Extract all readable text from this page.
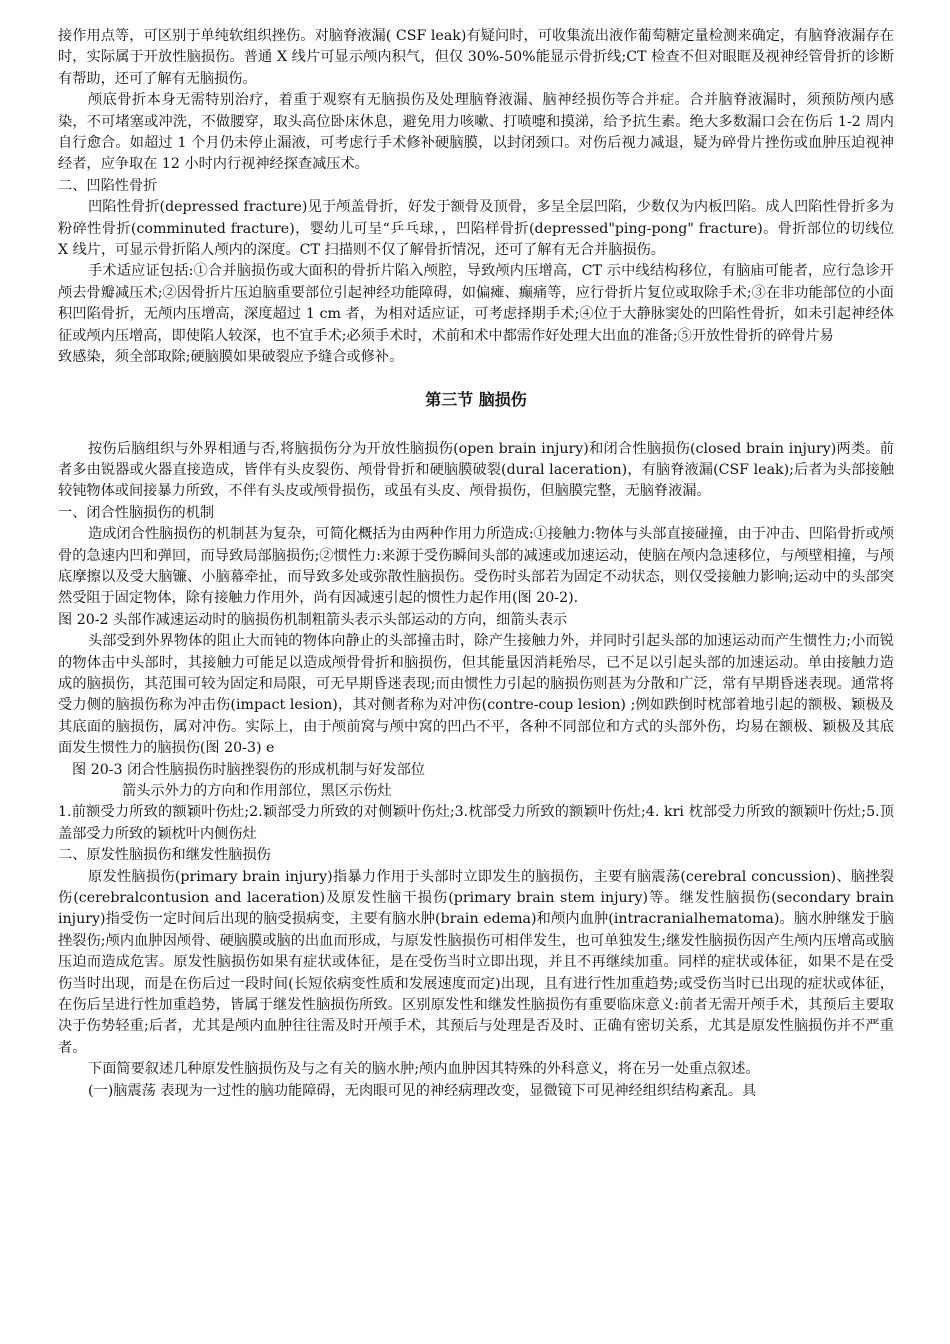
接作用点等，可区别于单纯软组织挫伤。对脑脊液漏( CSF leak)有疑问时，可收集流出液作葡萄糖定量检测来确定，有脑脊液漏存在时，实际属于开放性脑损伤。普通 X 线片可显示颅内积气，但仅 30%-50%能显示骨折线;CT 检查不但对眼眶及视神经管骨折的诊断有帮助，还可了解有无脑损伤。

颅底骨折本身无需特别治疗，着重于观察有无脑损伤及处理脑脊液漏、脑神经损伤等合并症。合并脑脊液漏时，须预防颅内感染，不可堵塞或冲洗，不做腰穿，取头高位卧床休息，避免用力咳嗽、打喷嚏和摸涕，给予抗生素。绝大多数漏口会在伤后 1-2 周内自行愈合。如超过 1 个月仍未停止漏液，可考虑行手术修补硬脑膜，以封闭颈口。对伤后视力减退，疑为碎骨片挫伤或血肿压迫视神经者，应争取在 12 小时内行视神经探查减压术。

二、凹陷性骨折

凹陷性骨折(depressed fracture)见于颅盖骨折，好发于额骨及顶骨，多呈全层凹陷，少数仅为内板凹陷。成人凹陷性骨折多为粉碎性骨折(comminuted fracture)，婴幼儿可呈“乒乓球，，凹陷样骨折(depressed"ping-pong" fracture)。骨折部位的切线位 X 线片，可显示骨折陷人颅内的深度。CT 扫描则不仅了解骨折情况，还可了解有无合并脑损伤。

手术适应证包括:①合并脑损伤或大面积的骨折片陷入颅腔，导致颅内压增高，CT 示中线结构移位，有脑庙可能者，应行急诊开颅去骨瓣减压术;②因骨折片压迫脑重要部位引起神经功能障碍，如偏瘫、癫痛等，应行骨折片复位或取除手术;③在非功能部位的小面积凹陷骨折，无颅内压增高，深度超过 1 cm 者，为相对适应证，可考虑择期手术;④位于大静脉窦处的凹陷性骨折，如未引起神经体征或颅内压增高，即使陷人较深，也不宜手术;必须手术时，术前和术中都需作好处理大出血的准备;⑤开放性骨折的碎骨片易

致感染，须全部取除;硬脑膜如果破裂应予缝合或修补。

第三节 脑损伤

按伤后脑组织与外界相通与否,将脑损伤分为开放性脑损伤(open brain injury)和闭合性脑损伤(closed brain injury)两类。前者多由锐器或火器直接造成，皆伴有头皮裂伤、颅骨骨折和硬脑膜破裂(dural laceration)，有脑脊液漏(CSF leak);后者为头部接触较钝物体或间接暴力所致，不伴有头皮或颅骨损伤，或虽有头皮、颅骨损伤，但脑膜完整，无脑脊液漏。

一、闭合性脑损伤的机制

造成闭合性脑损伤的机制甚为复杂，可简化概括为由两种作用力所造成:①接触力:物体与头部直接碰撞，由于冲击、凹陷骨折或颅骨的急速内凹和弹回，而导致局部脑损伤;②惯性力:来源于受伤瞬间头部的减速或加速运动，使脑在颅内急速移位，与颅壁相撞，与颅底摩擦以及受大脑镰、小脑幕牵扯，而导致多处或弥散性脑损伤。受伤时头部若为固定不动状态，则仅受接触力影响;运动中的头部突然受阻于固定物体，除有接触力作用外，尚有因减速引起的惯性力起作用(图 20-2).

图 20-2 头部作减速运动时的脑损伤机制粗箭头表示头部运动的方向，细箭头表示

头部受到外界物体的阻止大而钝的物体向静止的头部撞击时，除产生接触力外，并同时引起头部的加速运动而产生惯性力;小而锐的物体击中头部时，其接触力可能足以造成颅骨骨折和脑损伤，但其能量因消耗殆尽，已不足以引起头部的加速运动。单由接触力造成的脑损伤，其范围可较为固定和局限，可无早期昏迷表现;而由惯性力引起的脑损伤则甚为分散和广泛，常有早期昏迷表现。通常将受力侧的脑损伤称为冲击伤(impact lesion)，其对侧者称为对冲伤(contre-coup lesion) ;例如跌倒时枕部着地引起的额极、颖极及其底面的脑损伤，属对冲伤。实际上，由于颅前窝与颅中窝的凹凸不平，各种不同部位和方式的头部外伤，均易在额极、颖极及其底面发生惯性力的脑损伤(图 20-3) e

图 20-3 闭合性脑损伤时脑挫裂伤的形成机制与好发部位

箭头示外力的方向和作用部位，黑区示伤灶

1.前额受力所致的额颖叶伤灶;2.颖部受力所致的对侧颖叶伤灶;3.枕部受力所致的额颖叶伤灶;4. kri 枕部受力所致的额颖叶伤灶;5.顶盖部受力所致的颖枕叶内侧伤灶

二、原发性脑损伤和继发性脑损伤

原发性脑损伤(primary brain injury)指暴力作用于头部时立即发生的脑损伤，主要有脑震荡(cerebral concussion)、脑挫裂伤(cerebralcontusion and laceration)及原发性脑干损伤(primary brain stem injury)等。继发性脑损伤(secondary brain injury)指受伤一定时间后出现的脑受损病变，主要有脑水肿(brain edema)和颅内血肿(intracranialhematoma)。脑水肿继发于脑挫裂伤;颅内血肿因颅骨、硬脑膜或脑的出血而形成，与原发性脑损伤可相伴发生，也可单独发生;继发性脑损伤因产生颅内压增高或脑压迫而造成危害。原发性脑损伤如果有症状或体征，是在受伤当时立即出现，并且不再继续加重。同样的症状或体征，如果不是在受伤当时出现，而是在伤后过一段时间(长短依病变性质和发展速度而定)出现，且有进行性加重趋势;或受伤当时已出现的症状或体征，在伤后呈进行性加重趋势，皆属于继发性脑损伤所致。区别原发性和继发性脑损伤有重要临床意义:前者无需开颅手术，其预后主要取决于伤势轻重;后者，尤其是颅内血肿往往需及时开颅手术，其预后与处理是否及时、正确有密切关系，尤其是原发性脑损伤并不严重者。

下面简要叙述几种原发性脑损伤及与之有关的脑水肿;颅内血肿因其特殊的外科意义，将在另一处重点叙述。

(一)脑震荡 表现为一过性的脑功能障碍，无肉眼可见的神经病理改变，显微镜下可见神经组织结构紊乱。具
